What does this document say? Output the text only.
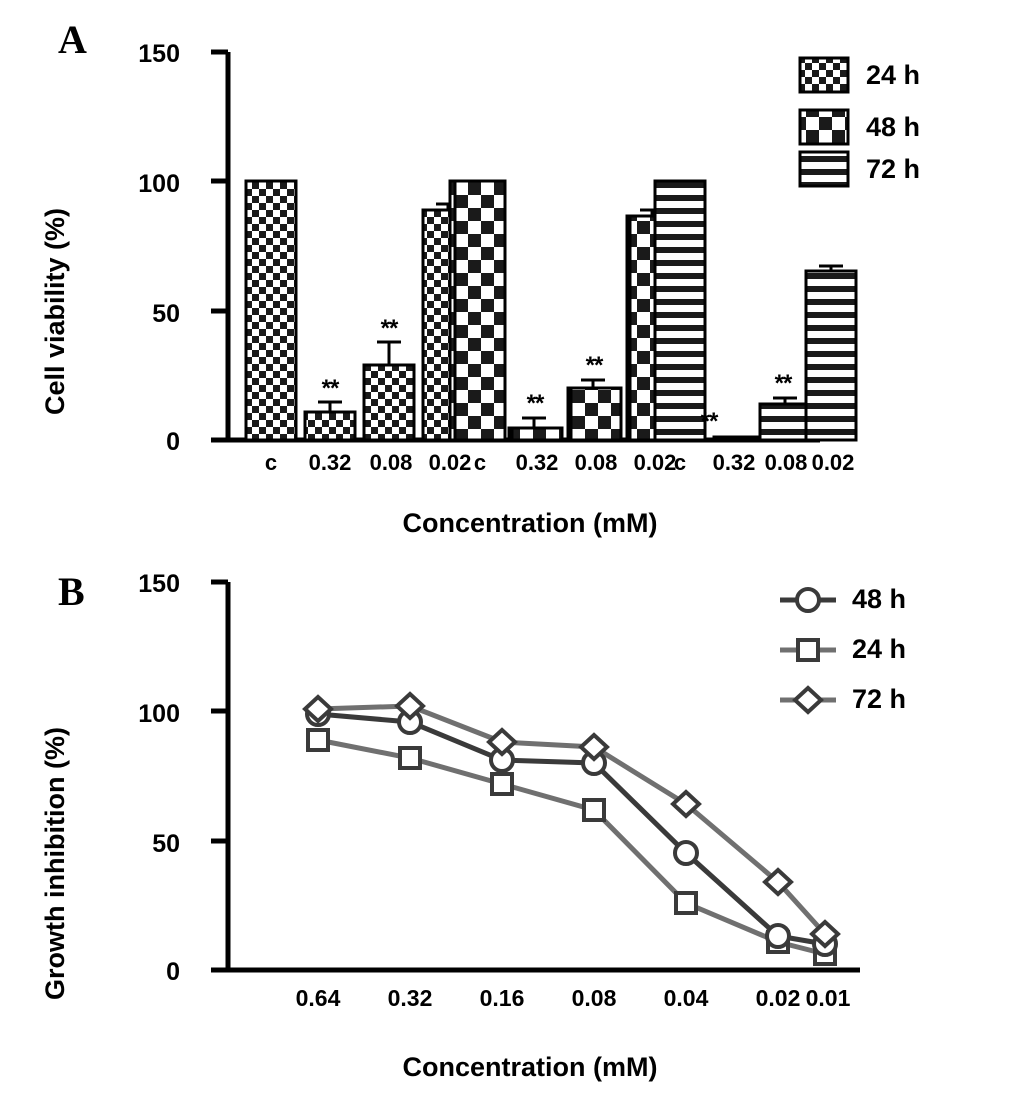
A
Cell viability (%)
150
100
50
0
**
**
**
**
**
**
c	0.32 0.08 0.02 c	0.32 0.08 0.02
c	0.32 0.08 0.02
Concentration (mM)
24 h
48 h
72 h
B
Growth inhibition (%)
150
100
50
0
0.64	0.32	0.16	0.08	0.04	0.02 0.01
Concentration (mM)
48 h
24 h
72 h
